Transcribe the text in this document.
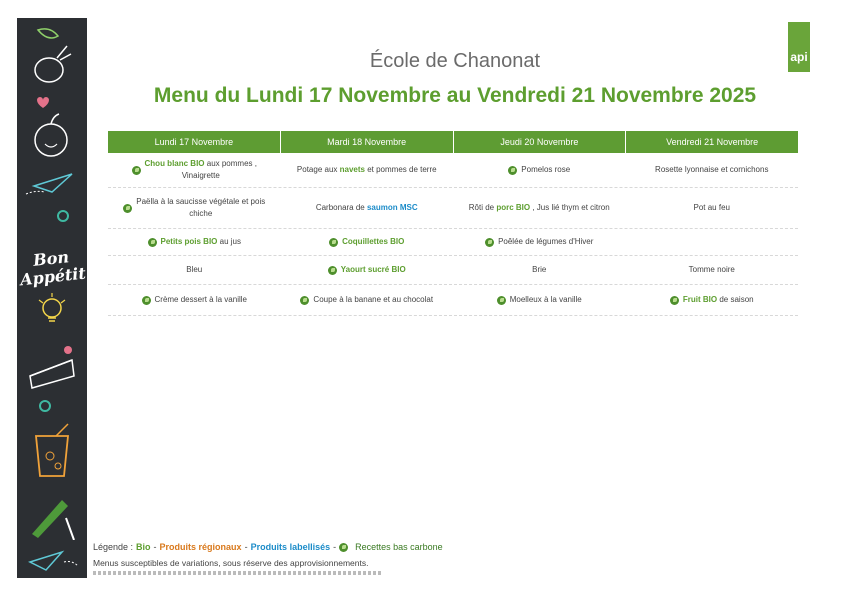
Bon Appétit
api
École de Chanonat
Menu du Lundi 17 Novembre au Vendredi 21 Novembre 2025
Lundi 17 Novembre	Mardi 18 Novembre	Jeudi 20 Novembre	Vendredi 21 Novembre
Chou blanc BIO aux pommes ,
Vinaigrette
Potage aux navets et pommes de terre	Pomelos rose	Rosette lyonnaise et cornichons
Paëlla à la saucisse végétale et pois
chiche
Carbonara de saumon MSC	Rôti de porc BIO , Jus lié thym et citron	Pot au feu
Petits pois BIO au jus	Coquillettes BIO	Poêlée de légumes d'Hiver
Bleu	Yaourt sucré BIO	Brie	Tomme noire
Crème dessert à la vanille	Coupe à la banane et au chocolat	Moelleux à la vanille	Fruit BIO de saison
Légende : Bio - Produits régionaux - Produits labellisés - Recettes bas carbone
Menus susceptibles de variations, sous réserve des approvisionnements.
